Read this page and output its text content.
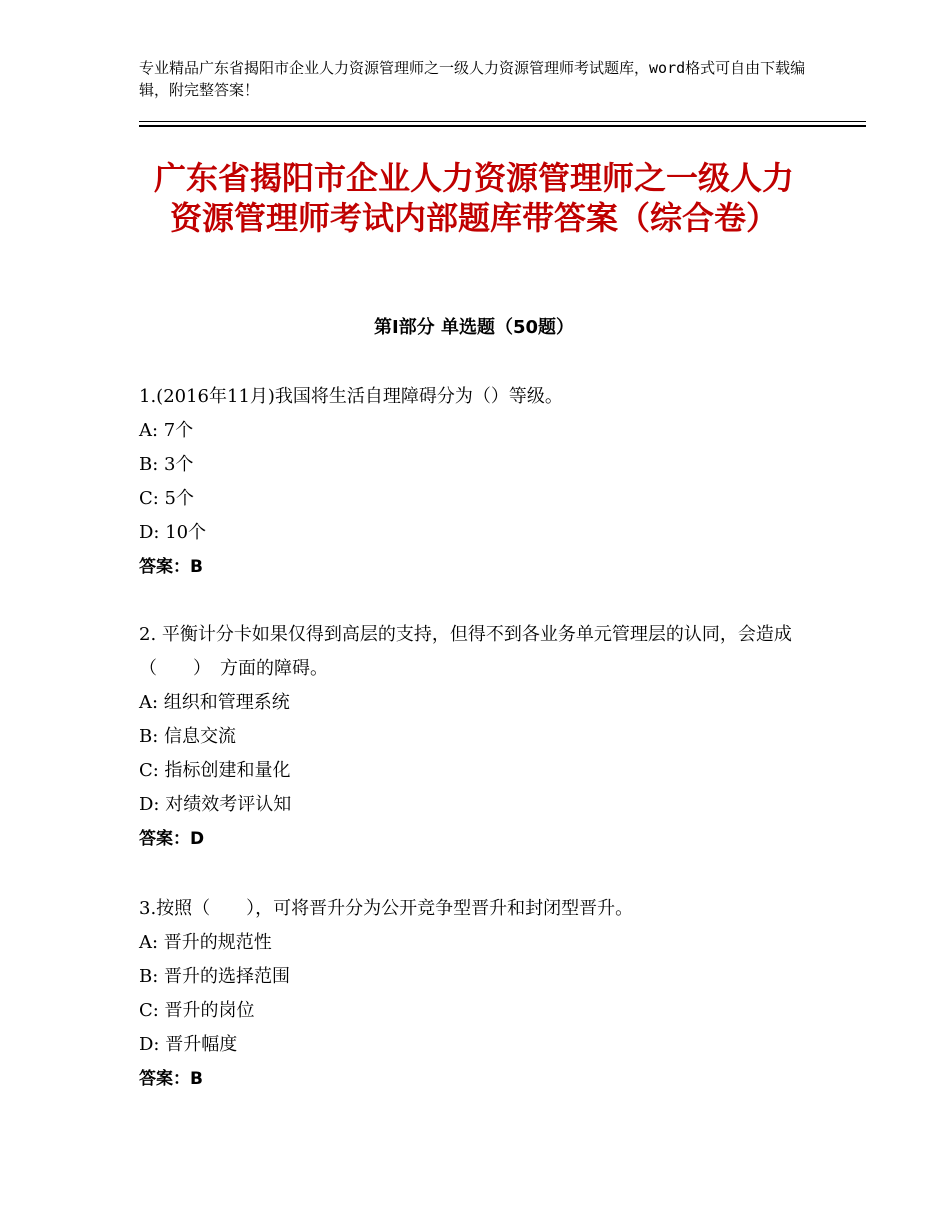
专业精品广东省揭阳市企业人力资源管理师之一级人力资源管理师考试题库，word格式可自由下载编辑，附完整答案！
广东省揭阳市企业人力资源管理师之一级人力资源管理师考试内部题库带答案（综合卷）
第Ⅰ部分 单选题（50题）

1.(2016年11月)我国将生活自理障碍分为（）等级。

A: 7个

B: 3个

C: 5个

D: 10个

答案：B

2. 平衡计分卡如果仅得到高层的支持，但得不到各业务单元管理层的认同，会造成（　　）　方面的障碍。

A: 组织和管理系统

B: 信息交流

C: 指标创建和量化

D: 对绩效考评认知

答案：D

3.按照（　　），可将晋升分为公开竞争型晋升和封闭型晋升。

A: 晋升的规范性

B: 晋升的选择范围

C: 晋升的岗位

D: 晋升幅度

答案：B
